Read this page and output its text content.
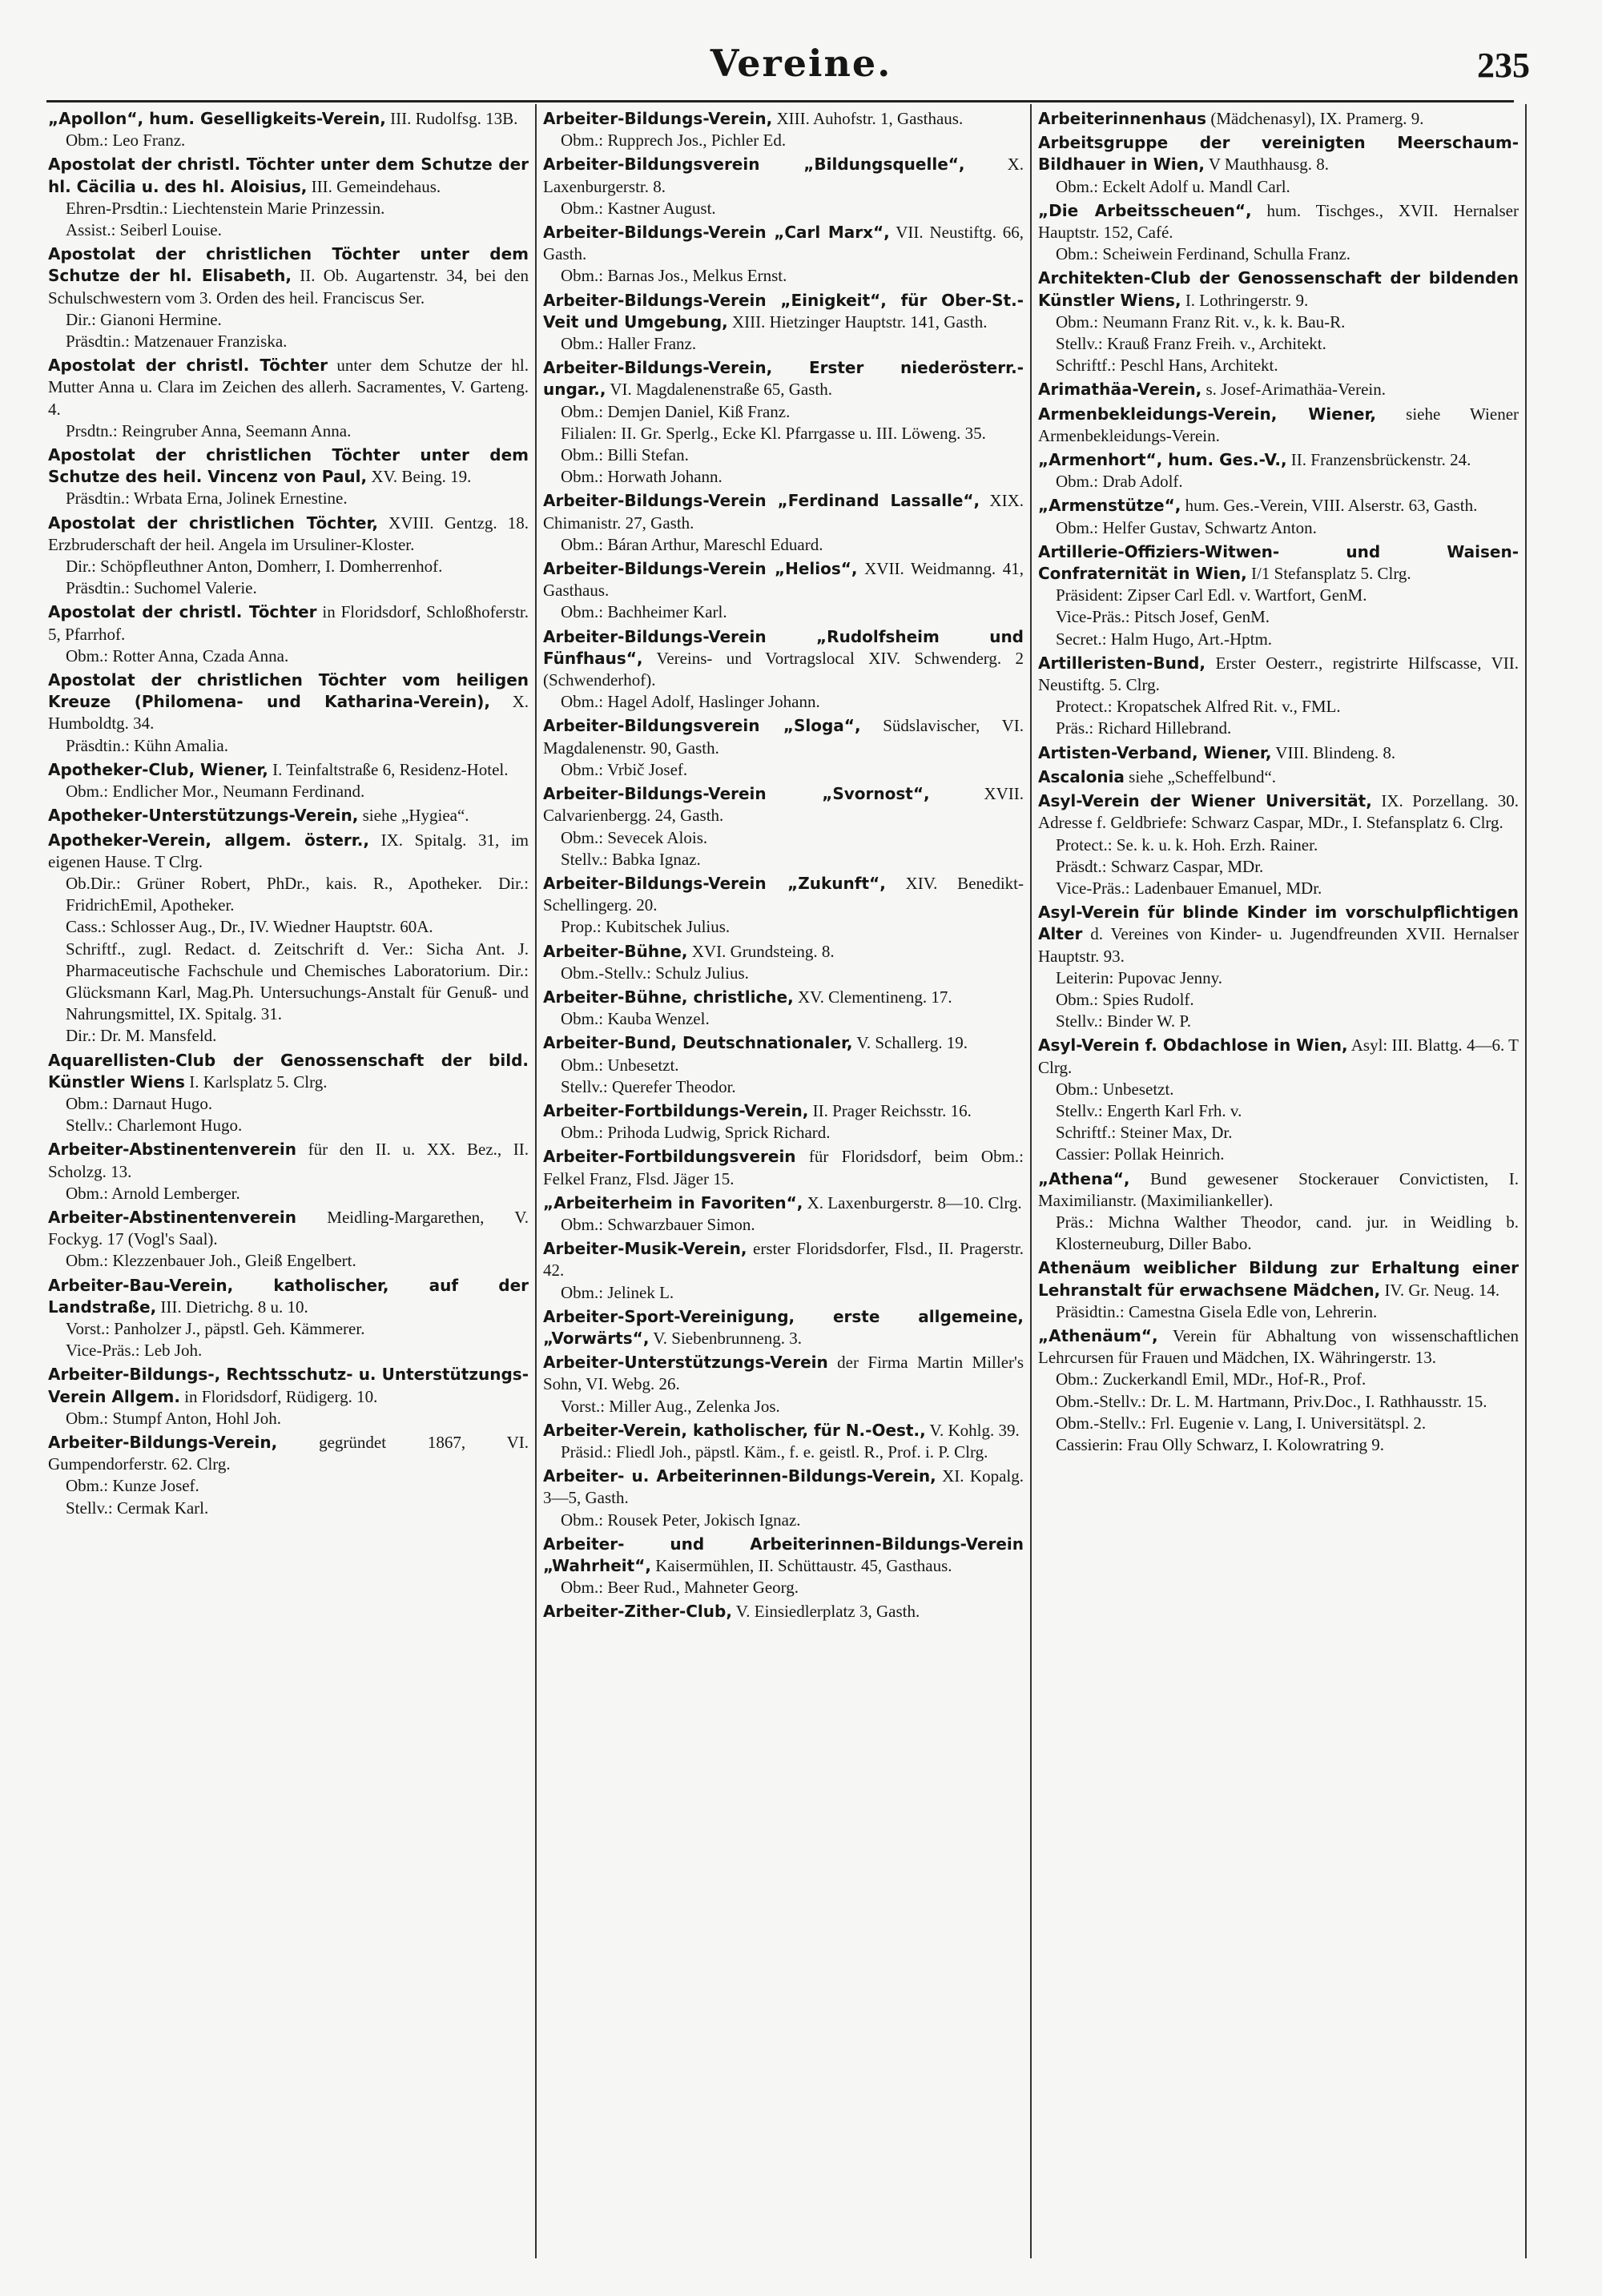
Vereine.	235
„Apollon“, hum. Geselligkeits-Verein, III. Rudolfsg. 13B.
Obm.: Leo Franz.
Apostolat der christl. Töchter unter dem Schutze der hl. Cäcilia u. des hl. Aloisius, III. Gemeindehaus.
Ehren-Prsdtin.: Liechtenstein Marie Prinzessin.
Assist.: Seiberl Louise.
Apostolat der christlichen Töchter unter dem Schutze der hl. Elisabeth, II. Ob. Augartenstr. 34, bei den Schulschwestern vom 3. Orden des heil. Franciscus Ser.
Dir.: Gianoni Hermine.
Präsdtin.: Matzenauer Franziska.
Apostolat der christl. Töchter unter dem Schutze der hl. Mutter Anna u. Clara im Zeichen des allerh. Sacramentes, V. Garteng. 4.
Prsdtn.: Reingruber Anna, Seemann Anna.
Apostolat der christlichen Töchter unter dem Schutze des heil. Vincenz von Paul, XV. Being. 19.
Präsdtin.: Wrbata Erna, Jolinek Ernestine.
Apostolat der christlichen Töchter, XVIII. Gentzg. 18. Erzbruderschaft der heil. Angela im Ursuliner-Kloster.
Dir.: Schöpfleuthner Anton, Domherr, I. Domherrenhof.
Präsdtin.: Suchomel Valerie.
Apostolat der christl. Töchter in Floridsdorf, Schloßhoferstr. 5, Pfarrhof.
Obm.: Rotter Anna, Czada Anna.
Apostolat der christlichen Töchter vom heiligen Kreuze (Philomena- und Katharina-Verein), X. Humboldtg. 34.
Präsdtin.: Kühn Amalia.
Apotheker-Club, Wiener, I. Teinfaltstraße 6, Residenz-Hotel.
Obm.: Endlicher Mor., Neumann Ferdinand.
Apotheker-Unterstützungs-Verein, siehe „Hygiea“.
Apotheker-Verein, allgem. österr., IX. Spitalg. 31, im eigenen Hause. T Clrg.
Ob.Dir.: Grüner Robert, PhDr., kais. R., Apotheker. Dir.: FridrichEmil, Apotheker.
Cass.: Schlosser Aug., Dr., IV. Wiedner Hauptstr. 60A.
Schriftf., zugl. Redact. d. Zeitschrift d. Ver.: Sicha Ant. J. Pharmaceutische Fachschule und Chemisches Laboratorium. Dir.: Glücksmann Karl, Mag.Ph. Untersuchungs-Anstalt für Genuß- und Nahrungsmittel, IX. Spitalg. 31.
Dir.: Dr. M. Mansfeld.
Aquarellisten-Club der Genossenschaft der bild. Künstler Wiens I. Karlsplatz 5. Clrg.
Obm.: Darnaut Hugo.
Stellv.: Charlemont Hugo.
Arbeiter-Abstinentenverein für den II. u. XX. Bez., II. Scholzg. 13.
Obm.: Arnold Lemberger.
Arbeiter-Abstinentenverein Meidling-Margarethen, V. Fockyg. 17 (Vogl's Saal).
Obm.: Klezzenbauer Joh., Gleiß Engelbert.
Arbeiter-Bau-Verein, katholischer, auf der Landstraße, III. Dietrichg. 8 u. 10.
Vorst.: Panholzer J., päpstl. Geh. Kämmerer.
Vice-Präs.: Leb Joh.
Arbeiter-Bildungs-, Rechtsschutz- u. Unterstützungs-Verein Allgem. in Floridsdorf, Rüdigerg. 10.
Obm.: Stumpf Anton, Hohl Joh.
Arbeiter-Bildungs-Verein, gegründet 1867, VI. Gumpendorferstr. 62. Clrg.
Obm.: Kunze Josef.
Stellv.: Cermak Karl.
Arbeiter-Bildungs-Verein, XIII. Auhofstr. 1, Gasthaus.
Obm.: Rupprech Jos., Pichler Ed.
Arbeiter-Bildungsverein „Bildungsquelle“, X. Laxenburgerstr. 8.
Obm.: Kastner August.
Arbeiter-Bildungs-Verein „Carl Marx“, VII. Neustiftg. 66, Gasth.
Obm.: Barnas Jos., Melkus Ernst.
Arbeiter-Bildungs-Verein „Einigkeit“, für Ober-St.-Veit und Umgebung, XIII. Hietzinger Hauptstr. 141, Gasth.
Obm.: Haller Franz.
Arbeiter-Bildungs-Verein, Erster niederösterr.-ungar., VI. Magdalenenstraße 65, Gasth.
Obm.: Demjen Daniel, Kiß Franz.
Filialen: II. Gr. Sperlg., Ecke Kl. Pfarrgasse u. III. Löweng. 35.
Obm.: Billi Stefan.
Obm.: Horwath Johann.
Arbeiter-Bildungs-Verein „Ferdinand Lassalle“, XIX. Chimanistr. 27, Gasth.
Obm.: Báran Arthur, Mareschl Eduard.
Arbeiter-Bildungs-Verein „Helios“, XVII. Weidmanng. 41, Gasthaus.
Obm.: Bachheimer Karl.
Arbeiter-Bildungs-Verein „Rudolfsheim und Fünfhaus“, Vereins- und Vortragslocal XIV. Schwenderg. 2 (Schwenderhof).
Obm.: Hagel Adolf, Haslinger Johann.
Arbeiter-Bildungsverein „Sloga“, Südslavischer, VI. Magdalenenstr. 90, Gasth.
Obm.: Vrbič Josef.
Arbeiter-Bildungs-Verein „Svornost“, XVII. Calvarienbergg. 24, Gasth.
Obm.: Sevecek Alois.
Stellv.: Babka Ignaz.
Arbeiter-Bildungs-Verein „Zukunft“, XIV. Benedikt-Schellingerg. 20.
Prop.: Kubitschek Julius.
Arbeiter-Bühne, XVI. Grundsteing. 8.
Obm.-Stellv.: Schulz Julius.
Arbeiter-Bühne, christliche, XV. Clementineng. 17.
Obm.: Kauba Wenzel.
Arbeiter-Bund, Deutschnationaler, V. Schallerg. 19.
Obm.: Unbesetzt.
Stellv.: Querefer Theodor.
Arbeiter-Fortbildungs-Verein, II. Prager Reichsstr. 16.
Obm.: Prihoda Ludwig, Sprick Richard.
Arbeiter-Fortbildungsverein für Floridsdorf, beim Obm.: Felkel Franz, Flsd. Jäger 15.
„Arbeiterheim in Favoriten“, X. Laxenburgerstr. 8—10. Clrg.
Obm.: Schwarzbauer Simon.
Arbeiter-Musik-Verein, erster Floridsdorfer, Flsd., II. Pragerstr. 42.
Obm.: Jelinek L.
Arbeiter-Sport-Vereinigung, erste allgemeine, „Vorwärts“, V. Siebenbrunneng. 3.
Arbeiter-Unterstützungs-Verein der Firma Martin Miller's Sohn, VI. Webg. 26.
Vorst.: Miller Aug., Zelenka Jos.
Arbeiter-Verein, katholischer, für N.-Oest., V. Kohlg. 39.
Präsid.: Fliedl Joh., päpstl. Käm., f. e. geistl. R., Prof. i. P. Clrg.
Arbeiter- u. Arbeiterinnen-Bildungs-Verein, XI. Kopalg. 3—5, Gasth.
Obm.: Rousek Peter, Jokisch Ignaz.
Arbeiter- und Arbeiterinnen-Bildungs-Verein „Wahrheit“, Kaisermühlen, II. Schüttaustr. 45, Gasthaus.
Obm.: Beer Rud., Mahneter Georg.
Arbeiter-Zither-Club, V. Einsiedlerplatz 3, Gasth.
Arbeiterinnenhaus (Mädchenasyl), IX. Pramerg. 9.
Arbeitsgruppe der vereinigten Meerschaum-Bildhauer in Wien, V Mauthhausg. 8.
Obm.: Eckelt Adolf u. Mandl Carl.
„Die Arbeitsscheuen“, hum. Tischges., XVII. Hernalser Hauptstr. 152, Café.
Obm.: Scheiwein Ferdinand, Schulla Franz.
Architekten-Club der Genossenschaft der bildenden Künstler Wiens, I. Lothringerstr. 9.
Obm.: Neumann Franz Rit. v., k. k. Bau-R.
Stellv.: Krauß Franz Freih. v., Architekt.
Schriftf.: Peschl Hans, Architekt.
Arimathäa-Verein, s. Josef-Arimathäa-Verein.
Armenbekleidungs-Verein, Wiener, siehe Wiener Armenbekleidungs-Verein.
„Armenhort“, hum. Ges.-V., II. Franzensbrückenstr. 24.
Obm.: Drab Adolf.
„Armenstütze“, hum. Ges.-Verein, VIII. Alserstr. 63, Gasth.
Obm.: Helfer Gustav, Schwartz Anton.
Artillerie-Offiziers-Witwen- und Waisen-Confraternität in Wien, I/1 Stefansplatz 5. Clrg.
Präsident: Zipser Carl Edl. v. Wartfort, GenM.
Vice-Präs.: Pitsch Josef, GenM.
Secret.: Halm Hugo, Art.-Hptm.
Artilleristen-Bund, Erster Oesterr., registrirte Hilfscasse, VII. Neustiftg. 5. Clrg.
Protect.: Kropatschek Alfred Rit. v., FML.
Präs.: Richard Hillebrand.
Artisten-Verband, Wiener, VIII. Blindeng. 8.
Ascalonia siehe „Scheffelbund“.
Asyl-Verein der Wiener Universität, IX. Porzellang. 30. Adresse f. Geldbriefe: Schwarz Caspar, MDr., I. Stefansplatz 6. Clrg.
Protect.: Se. k. u. k. Hoh. Erzh. Rainer.
Präsdt.: Schwarz Caspar, MDr.
Vice-Präs.: Ladenbauer Emanuel, MDr.
Asyl-Verein für blinde Kinder im vorschulpflichtigen Alter d. Vereines von Kinder- u. Jugendfreunden XVII. Hernalser Hauptstr. 93.
Leiterin: Pupovac Jenny.
Obm.: Spies Rudolf.
Stellv.: Binder W. P.
Asyl-Verein f. Obdachlose in Wien, Asyl: III. Blattg. 4—6. T Clrg.
Obm.: Unbesetzt.
Stellv.: Engerth Karl Frh. v.
Schriftf.: Steiner Max, Dr.
Cassier: Pollak Heinrich.
„Athena“, Bund gewesener Stockerauer Convictisten, I. Maximilianstr. (Maximiliankeller).
Präs.: Michna Walther Theodor, cand. jur. in Weidling b. Klosterneuburg, Diller Babo.
Athenäum weiblicher Bildung zur Erhaltung einer Lehranstalt für erwachsene Mädchen, IV. Gr. Neug. 14.
Präsidtin.: Camestna Gisela Edle von, Lehrerin.
„Athenäum“, Verein für Abhaltung von wissenschaftlichen Lehrcursen für Frauen und Mädchen, IX. Währingerstr. 13.
Obm.: Zuckerkandl Emil, MDr., Hof-R., Prof.
Obm.-Stellv.: Dr. L. M. Hartmann, Priv.Doc., I. Rathhausstr. 15.
Obm.-Stellv.: Frl. Eugenie v. Lang, I. Universitätspl. 2.
Cassierin: Frau Olly Schwarz, I. Kolowratring 9.
